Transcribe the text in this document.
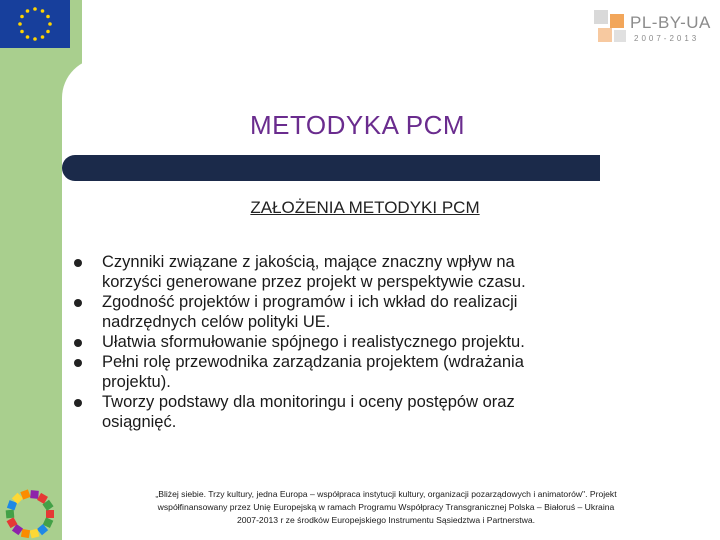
METODYKA PCM
ZAŁOŻENIA METODYKI PCM
Czynniki związane z jakością, mające znaczny wpływ na
korzyści generowane przez projekt w perspektywie czasu.
Zgodność projektów i programów i ich wkład do realizacji
nadrzędnych celów polityki UE.
Ułatwia sformułowanie spójnego i realistycznego projektu.
Pełni rolę przewodnika zarządzania projektem (wdrażania
projektu).
Tworzy podstawy dla monitoringu i oceny postępów oraz
osiągnięć.
PL-BY-UA
2007-2013
„Bliżej siebie. Trzy kultury, jedna Europa – współpraca instytucji kultury, organizacji pozarządowych i animatorów". Projekt
współfinansowany przez Unię Europejską w ramach Programu Współpracy Transgranicznej Polska – Białoruś – Ukraina
2007-2013 r ze środków Europejskiego Instrumentu Sąsiedztwa i Partnerstwa.
